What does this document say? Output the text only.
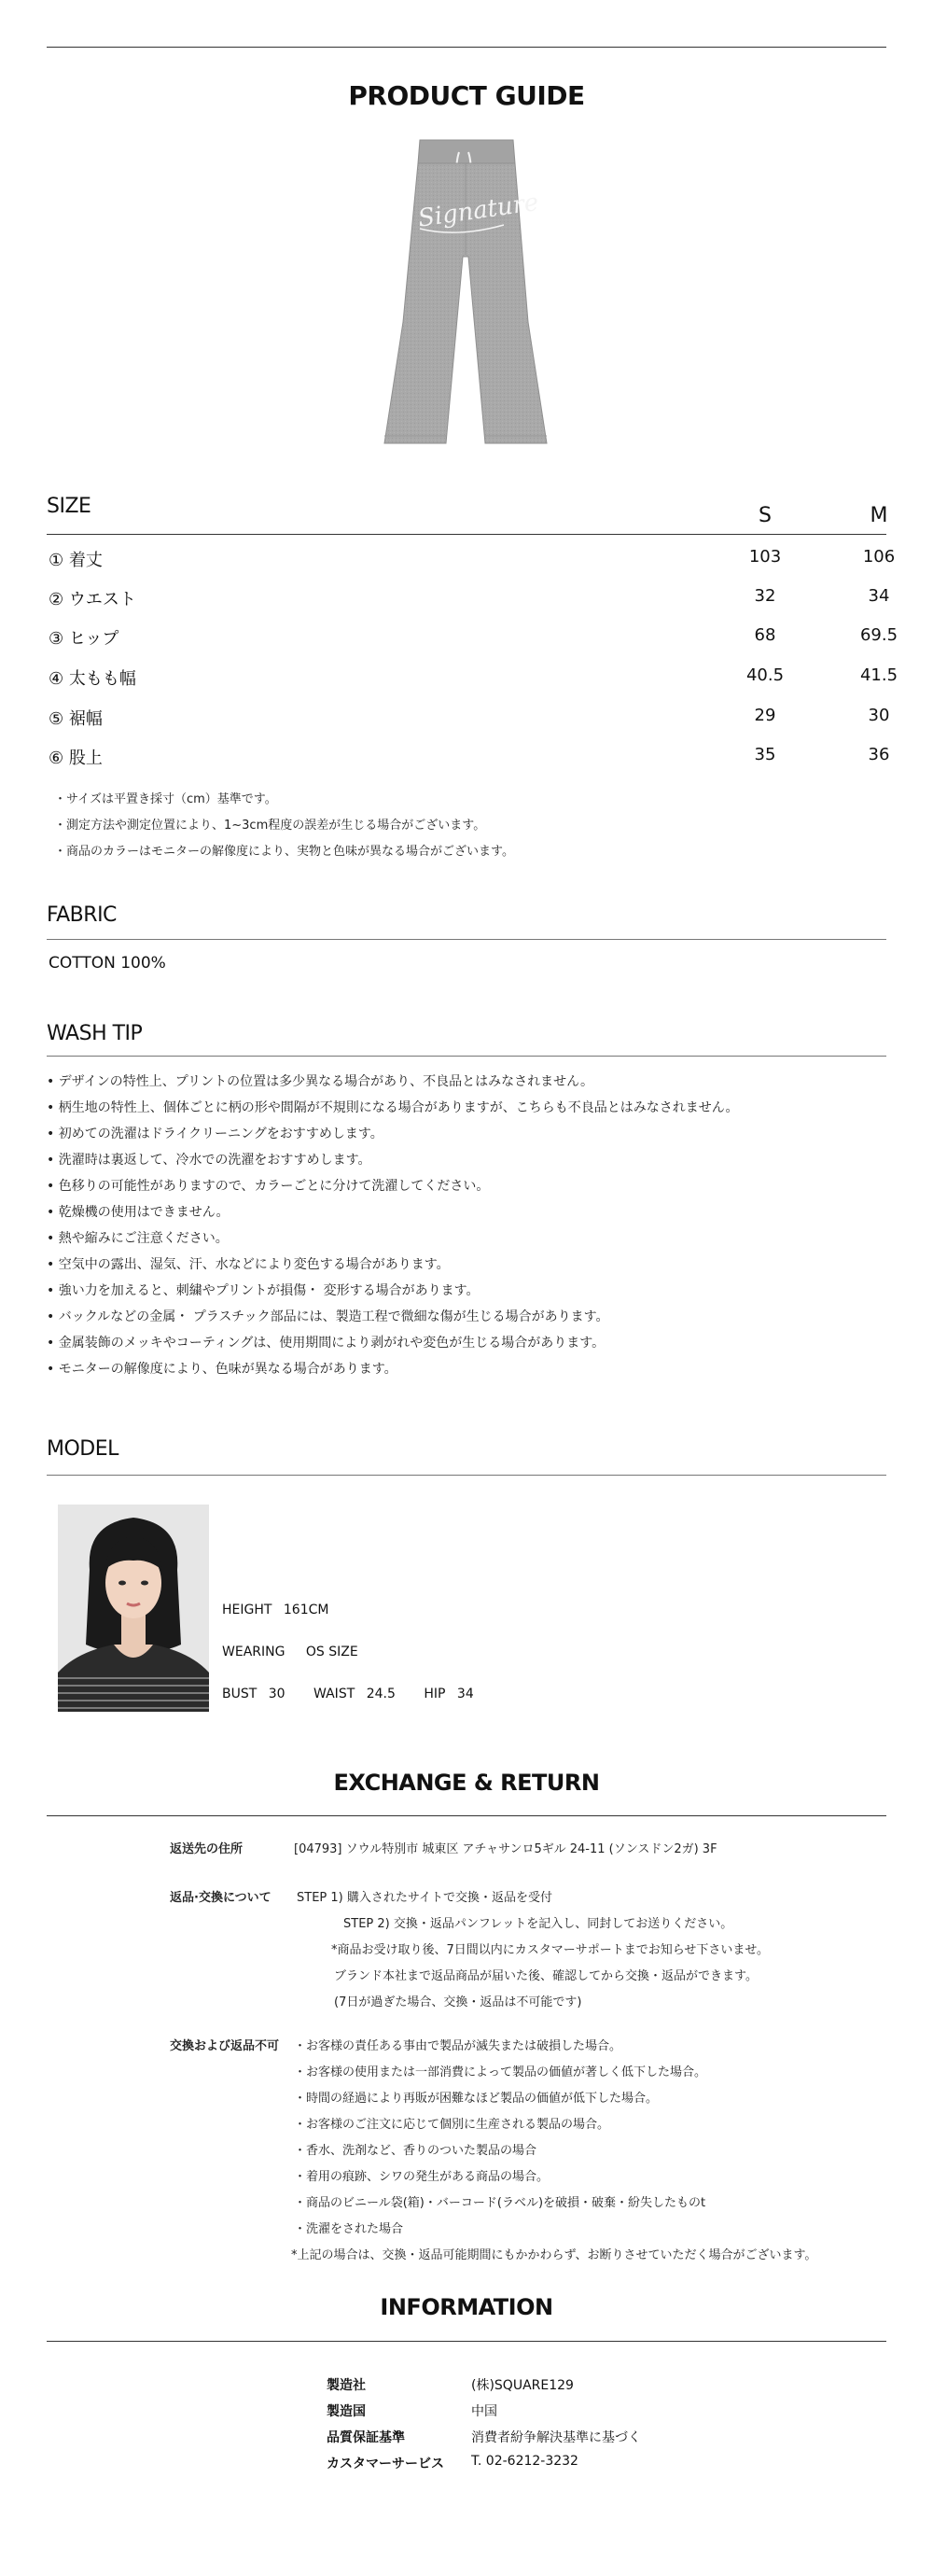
PRODUCT GUIDE
Signature
SIZE	S	M
① 着丈	103	106
② ウエスト	32	34
③ ヒップ	68	69.5
④ 太もも幅	40.5	41.5
⑤ 裾幅	29	30
⑥ 股上	35	36
・サイズは平置き採寸（cm）基準です。
・測定方法や測定位置により、1~3cm程度の誤差が生じる場合がございます。
・商品のカラーはモニターの解像度により、実物と色味が異なる場合がございます。
FABRIC
COTTON 100%
WASH TIP
• デザインの特性上、プリントの位置は多少異なる場合があり、不良品とはみなされません。
• 柄生地の特性上、個体ごとに柄の形や間隔が不規則になる場合がありますが、こちらも不良品とはみなされません。
• 初めての洗濯はドライクリーニングをおすすめします。
• 洗濯時は裏返して、冷水での洗濯をおすすめします。
• 色移りの可能性がありますので、カラーごとに分けて洗濯してください。
• 乾燥機の使用はできません。
• 熱や縮みにご注意ください。
• 空気中の露出、湿気、汗、水などにより変色する場合があります。
• 強い力を加えると、刺繍やプリントが損傷・ 変形する場合があります。
• バックルなどの金属・ プラスチック部品には、製造工程で微細な傷が生じる場合があります。
• 金属装飾のメッキやコーティングは、使用期間により剥がれや変色が生じる場合があります。
• モニターの解像度により、色味が異なる場合があります。
MODEL
HEIGHT 161CM
WEARING OS SIZE
BUST 30 WAIST 24.5 HIP 34
EXCHANGE & RETURN
返送先の住所	[04793] ソウル特別市 城東区 アチャサンロ5ギル 24-11 (ソンスドン2ガ) 3F
返品·交換について STEP 1) 購入されたサイトで交換・返品を受付
STEP 2) 交換・返品パンフレットを記入し、同封してお送りください。
*商品お受け取り後、7日間以内にカスタマーサポートまでお知らせ下さいませ。
ブランド本社まで返品商品が届いた後、確認してから交換・返品ができます。
(7日が過ぎた場合、交換・返品は不可能です)
交換および返品不可 ・お客様の責任ある事由で製品が滅失または破損した場合。
・お客様の使用または一部消費によって製品の価値が著しく低下した場合。
・時間の経過により再販が困難なほど製品の価値が低下した場合。
・お客様のご注文に応じて個別に生産される製品の場合。
・香水、洗剤など、香りのついた製品の場合
・着用の痕跡、シワの発生がある商品の場合。
・商品のビニール袋(箱)・バーコード(ラベル)を破損・破棄・紛失したものt
・洗濯をされた場合
*上記の場合は、交換・返品可能期間にもかかわらず、お断りさせていただく場合がございます。
INFORMATION
製造社	(株)SQUARE129
製造国	中国
品質保証基準	消費者紛争解決基準に基づく
カスタマーサービス T. 02-6212-3232
